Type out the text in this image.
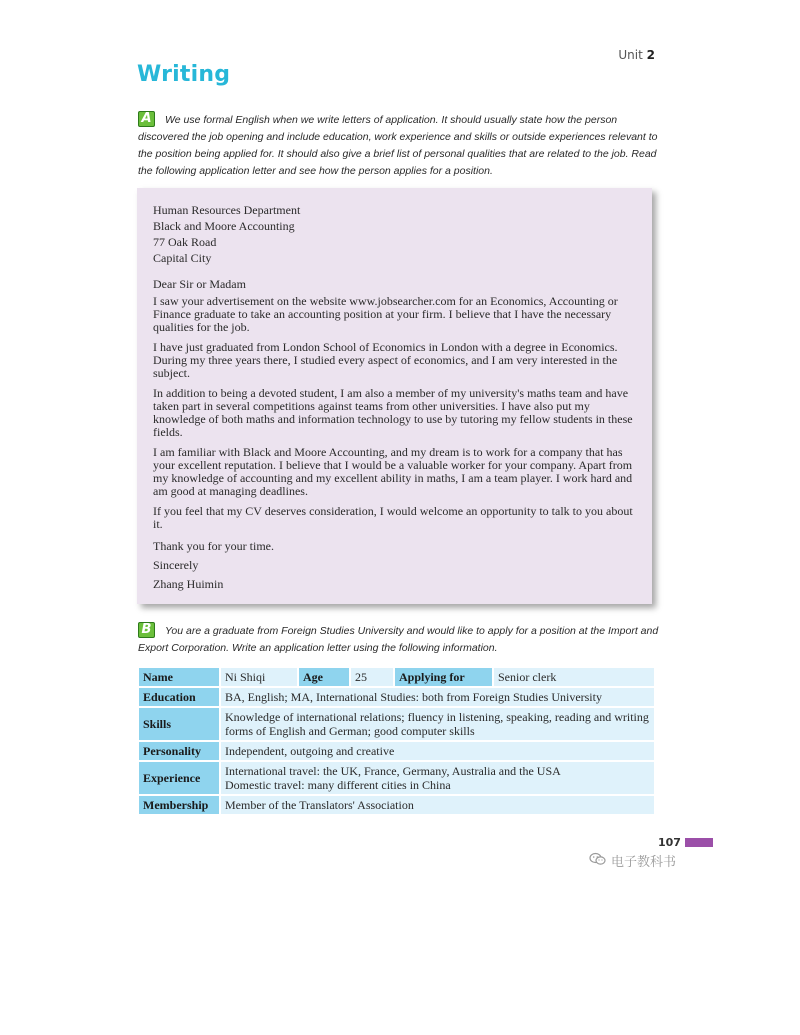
Unit 2
Writing
A We use formal English when we write letters of application. It should usually state how the person discovered the job opening and include education, work experience and skills or outside experiences relevant to the position being applied for. It should also give a brief list of personal qualities that are related to the job. Read the following application letter and see how the person applies for a position.
Human Resources Department
Black and Moore Accounting
77 Oak Road
Capital City

Dear Sir or Madam

I saw your advertisement on the website www.jobsearcher.com for an Economics, Accounting or Finance graduate to take an accounting position at your firm. I believe that I have the necessary qualities for the job.

I have just graduated from London School of Economics in London with a degree in Economics. During my three years there, I studied every aspect of economics, and I am very interested in the subject.

In addition to being a devoted student, I am also a member of my university's maths team and have taken part in several competitions against teams from other universities. I have also put my knowledge of both maths and information technology to use by tutoring my fellow students in these fields.

I am familiar with Black and Moore Accounting, and my dream is to work for a company that has your excellent reputation. I believe that I would be a valuable worker for your company. Apart from my knowledge of accounting and my excellent ability in maths, I am a team player. I work hard and am good at managing deadlines.

If you feel that my CV deserves consideration, I would welcome an opportunity to talk to you about it.

Thank you for your time.

Sincerely

Zhang Huimin

B You are a graduate from Foreign Studies University and would like to apply for a position at the Import and Export Corporation. Write an application letter using the following information.
Name	Ni Shiqi	Age	25	Applying for	Senior clerk
Education	BA, English; MA, International Studies: both from Foreign Studies University				
Skills	Knowledge of international relations; fluency in listening, speaking, reading and writing forms of English and German; good computer skills				
Personality	Independent, outgoing and creative				
Experience	International travel: the UK, France, Germany, Australia and the USA
Domestic travel: many different cities in China				

Membership	Member of the Translators' Association				
107
电子教科书
